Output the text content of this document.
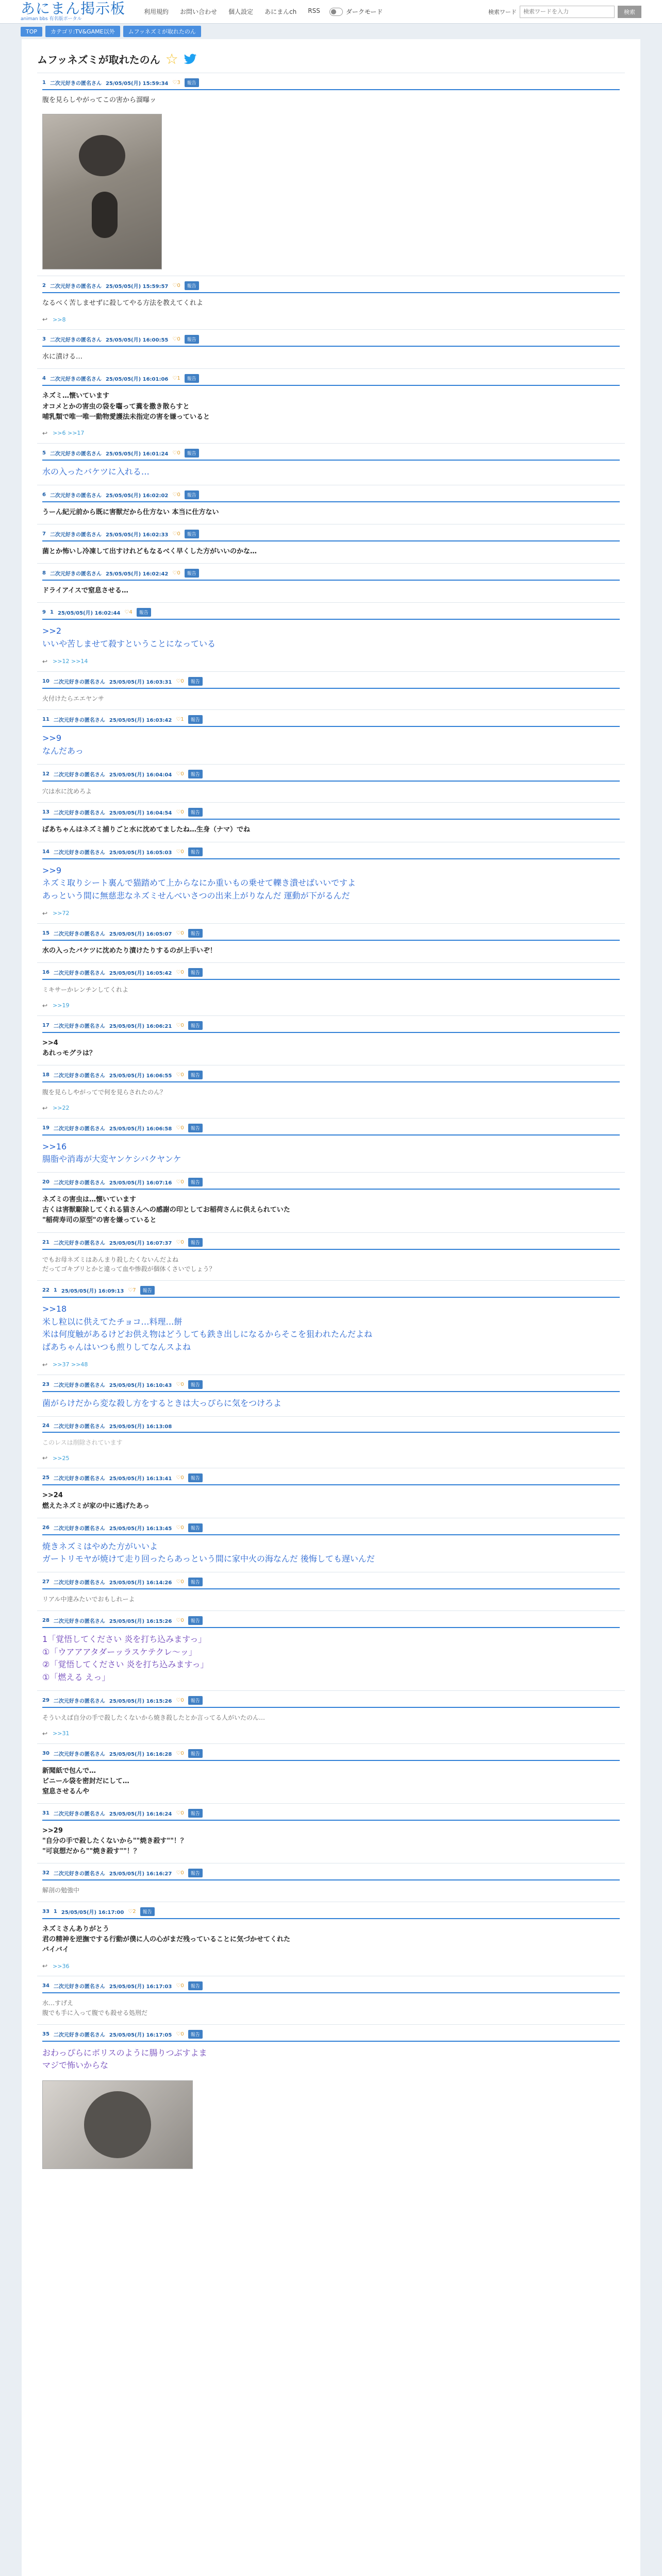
あにまん掲示板
animan bbs 有名版ポータル
利用規約 お問い合わせ 個人設定 あにまんch RSS	ダークモード	検索ワード
検索ワードを入力	検索
TOP	カテゴリ:TV&GAME以外	ムフッネズミが取れたのん
ムフッネズミが取れたのん ☆
1 二次元好きの匿名さん 25/05/05(月) 15:59:34 ♡3	報告
腹を見らしやがってこの害から溜曝ッ
2 二次元好きの匿名さん 25/05/05(月) 15:59:57 ♡0	報告
なるべく苦しませずに殺してやる方法を教えてくれよ
↩ >>8
3 二次元好きの匿名さん 25/05/05(月) 16:00:55 ♡0	報告
水に漬ける…
4 二次元好きの匿名さん 25/05/05(月) 16:01:06 ♡1	報告
ネズミ…懐いています
オコメとかの害虫の袋を囓って糞を撒き散らすと
哺乳類で唯一唯一動物愛護法未指定の害を嫌っていると
↩ >>6 >>17
5 二次元好きの匿名さん 25/05/05(月) 16:01:24 ♡0	報告
水の入ったバケツに入れる…
6 二次元好きの匿名さん 25/05/05(月) 16:02:02 ♡0	報告
うーん紀元前から既に害獣だから仕方ない 本当に仕方ない
7 二次元好きの匿名さん 25/05/05(月) 16:02:33 ♡0	報告
菌とか怖いし冷凍して出すけれどもなるべく早くした方がいいのかな…
8 二次元好きの匿名さん 25/05/05(月) 16:02:42 ♡0	報告
ドライアイスで窒息させる…
9 1 25/05/05(月) 16:02:44 ♡4	報告
>>2
いいや苦しませて殺すということになっている
↩ >>12 >>14
10 二次元好きの匿名さん 25/05/05(月) 16:03:31 ♡0	報告
火付けたらエエヤンサ
11 二次元好きの匿名さん 25/05/05(月) 16:03:42 ♡1	報告
>>9
なんだあっ
12 二次元好きの匿名さん 25/05/05(月) 16:04:04 ♡0	報告
穴は水に沈めろよ
13 二次元好きの匿名さん 25/05/05(月) 16:04:54 ♡0	報告
ばあちゃんはネズミ捕りごと水に沈めてましたね…生身（ナマ）でね
14 二次元好きの匿名さん 25/05/05(月) 16:05:03 ♡0	報告
>>9
ネズミ取りシート裏んで猫踏めて上からなにか重いもの乗せて轢き潰せばいいですよ
あっという間に無慈悲なネズミせんべいさつの出来上がりなんだ 運動が下がるんだ
↩ >>72
15 二次元好きの匿名さん 25/05/05(月) 16:05:07 ♡0	報告
水の入ったバケツに沈めたり漬けたりするのが上手いぞ！
16 二次元好きの匿名さん 25/05/05(月) 16:05:42 ♡0	報告
ミキサーかレンチンしてくれよ
↩ >>19
17 二次元好きの匿名さん 25/05/05(月) 16:06:21 ♡0	報告
>>4
あれっモグラは？
18 二次元好きの匿名さん 25/05/05(月) 16:06:55 ♡0	報告
腹を見らしやがってで何を見らされたのん？
↩ >>22
19 二次元好きの匿名さん 25/05/05(月) 16:06:58 ♡0	報告
>>16
腸脂や消毒が大変ヤンケシバクヤンケ
20 二次元好きの匿名さん 25/05/05(月) 16:07:16 ♡0	報告
ネズミの害虫は…懐いています
古くは害獣駆除してくれる猫さんへの感謝の印としてお稲荷さんに供えられていた
"稲荷寿司の原型"の害を嫌っていると
21 二次元好きの匿名さん 25/05/05(月) 16:07:37 ♡0	報告
でもお母ネズミはあんまり殺したくないんだよね
だってゴキブリとかと違って血や惨殺が個体くさいでしょう？
22 1 25/05/05(月) 16:09:13 ♡7	報告
>>18
米し粒以に供えてたチョコ…料理…餅
米は何度触があるけどお供え物はどうしても鉄き出しになるからそこを狙われたんだよね
ばあちゃんはいつも煎りしてなんスよね
↩ >>37 >>48
23 二次元好きの匿名さん 25/05/05(月) 16:10:43 ♡0	報告
菌がらけだから変な殺し方をするときは大っぴらに気をつけろよ
24 二次元好きの匿名さん 25/05/05(月) 16:13:08
このレスは削除されています
↩ >>25
25 二次元好きの匿名さん 25/05/05(月) 16:13:41 ♡0	報告
>>24
燃えたネズミが家の中に逃げたあっ
26 二次元好きの匿名さん 25/05/05(月) 16:13:45 ♡0	報告
焼きネズミはやめた方がいいよ
ガートリモヤが焼けて走り回ったらあっという間に家中火の海なんだ 後悔しても遅いんだ
27 二次元好きの匿名さん 25/05/05(月) 16:14:26 ♡0	報告
リアル中達みたいでおもしれーよ
28 二次元好きの匿名さん 25/05/05(月) 16:15:26 ♡0	報告
1「覚悟してください 炎を打ち込みますっ」
①「ウアアアタダーッラスケテクレ〜ッ」
②「覚悟してください 炎を打ち込みますっ」
①「燃える えっ」
29 二次元好きの匿名さん 25/05/05(月) 16:15:26 ♡0	報告
そういえば自分の手で殺したくないから焼き殺したとか言ってる人がいたのん…
↩ >>31
30 二次元好きの匿名さん 25/05/05(月) 16:16:28 ♡0	報告
新聞紙で包んで…
ビニール袋を密封だにして…
窒息させるんや
31 二次元好きの匿名さん 25/05/05(月) 16:16:24 ♡0	報告
>>29
"自分の手で殺したくないから""焼き殺す""！？
"可哀想だから""焼き殺す""！？
32 二次元好きの匿名さん 25/05/05(月) 16:16:27 ♡0	報告
解剖の勉強中
33 1 25/05/05(月) 16:17:00 ♡2	報告
ネズミさんありがとう
君の精神を逆撫でする行動が僕に人の心がまだ残っていることに気づかせてくれた
バイバイ
↩ >>36
34 二次元好きの匿名さん 25/05/05(月) 16:17:03 ♡0	報告
水…すげえ
腹でも手に入って腹でも殺せる処刑だ
35 二次元好きの匿名さん 25/05/05(月) 16:17:05 ♡0	報告
おわっぴらにボリスのように腸りつぶすよま
マジで怖いからな
